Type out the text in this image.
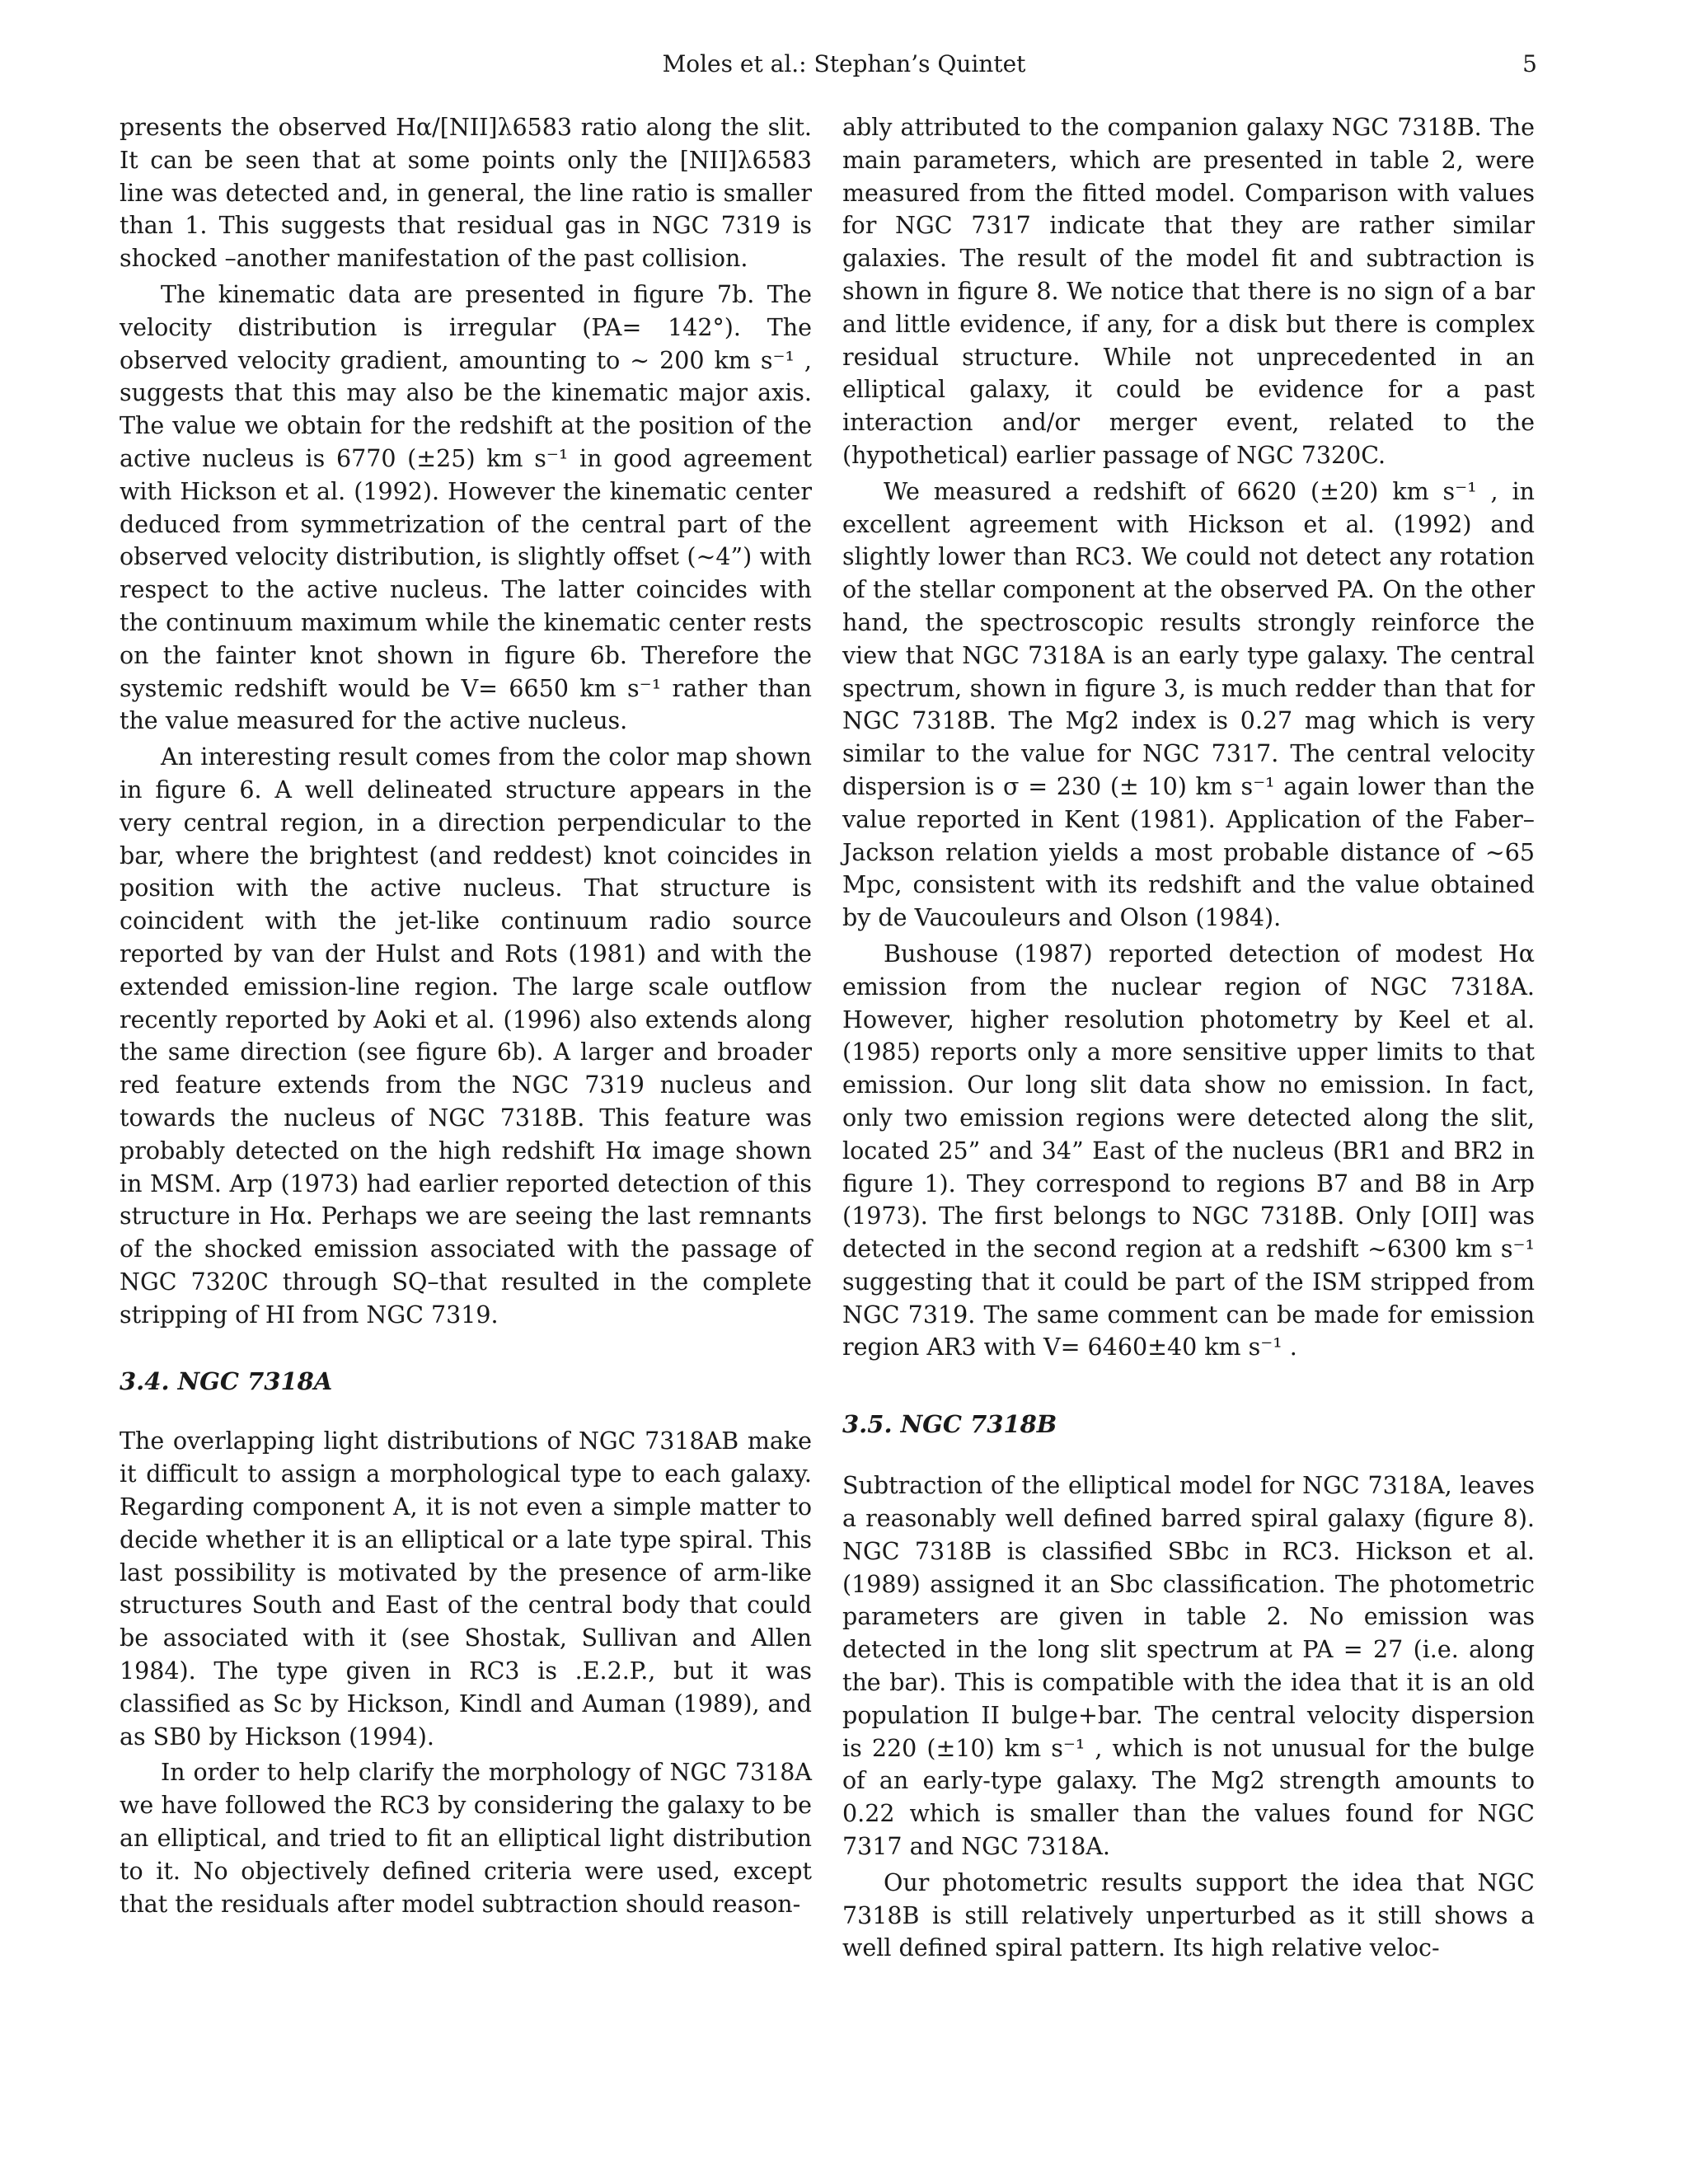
Moles et al.: Stephan’s Quintet	5

presents the observed Hα/[NII]λ6583 ratio along the slit. It can be seen that at some points only the [NII]λ6583 line was detected and, in general, the line ratio is smaller than 1. This suggests that residual gas in NGC 7319 is shocked –another manifestation of the past collision.

The kinematic data are presented in figure 7b. The velocity distribution is irregular (PA= 142°). The observed velocity gradient, amounting to ∼ 200 km s⁻¹ , suggests that this may also be the kinematic major axis. The value we obtain for the redshift at the position of the active nucleus is 6770 (±25) km s⁻¹ in good agreement with Hickson et al. (1992). However the kinematic center deduced from symmetrization of the central part of the observed velocity distribution, is slightly offset (∼4”) with respect to the active nucleus. The latter coincides with the continuum maximum while the kinematic center rests on the fainter knot shown in figure 6b. Therefore the systemic redshift would be V= 6650 km s⁻¹ rather than the value measured for the active nucleus.

An interesting result comes from the color map shown in figure 6. A well delineated structure appears in the very central region, in a direction perpendicular to the bar, where the brightest (and reddest) knot coincides in position with the active nucleus. That structure is coincident with the jet-like continuum radio source reported by van der Hulst and Rots (1981) and with the extended emission-line region. The large scale outflow recently reported by Aoki et al. (1996) also extends along the same direction (see figure 6b). A larger and broader red feature extends from the NGC 7319 nucleus and towards the nucleus of NGC 7318B. This feature was probably detected on the high redshift Hα image shown in MSM. Arp (1973) had earlier reported detection of this structure in Hα. Perhaps we are seeing the last remnants of the shocked emission associated with the passage of NGC 7320C through SQ–that resulted in the complete stripping of HI from NGC 7319.

3.4. NGC 7318A

The overlapping light distributions of NGC 7318AB make it difficult to assign a morphological type to each galaxy. Regarding component A, it is not even a simple matter to decide whether it is an elliptical or a late type spiral. This last possibility is motivated by the presence of arm-like structures South and East of the central body that could be associated with it (see Shostak, Sullivan and Allen 1984). The type given in RC3 is .E.2.P., but it was classified as Sc by Hickson, Kindl and Auman (1989), and as SB0 by Hickson (1994).

In order to help clarify the morphology of NGC 7318A we have followed the RC3 by considering the galaxy to be an elliptical, and tried to fit an elliptical light distribution to it. No objectively defined criteria were used, except that the residuals after model subtraction should reason-

ably attributed to the companion galaxy NGC 7318B. The main parameters, which are presented in table 2, were measured from the fitted model. Comparison with values for NGC 7317 indicate that they are rather similar galaxies. The result of the model fit and subtraction is shown in figure 8. We notice that there is no sign of a bar and little evidence, if any, for a disk but there is complex residual structure. While not unprecedented in an elliptical galaxy, it could be evidence for a past interaction and/or merger event, related to the (hypothetical) earlier passage of NGC 7320C.

We measured a redshift of 6620 (±20) km s⁻¹ , in excellent agreement with Hickson et al. (1992) and slightly lower than RC3. We could not detect any rotation of the stellar component at the observed PA. On the other hand, the spectroscopic results strongly reinforce the view that NGC 7318A is an early type galaxy. The central spectrum, shown in figure 3, is much redder than that for NGC 7318B. The Mg2 index is 0.27 mag which is very similar to the value for NGC 7317. The central velocity dispersion is σ = 230 (± 10) km s⁻¹ again lower than the value reported in Kent (1981). Application of the Faber–Jackson relation yields a most probable distance of ∼65 Mpc, consistent with its redshift and the value obtained by de Vaucouleurs and Olson (1984).

Bushouse (1987) reported detection of modest Hα emission from the nuclear region of NGC 7318A. However, higher resolution photometry by Keel et al. (1985) reports only a more sensitive upper limits to that emission. Our long slit data show no emission. In fact, only two emission regions were detected along the slit, located 25” and 34” East of the nucleus (BR1 and BR2 in figure 1). They correspond to regions B7 and B8 in Arp (1973). The first belongs to NGC 7318B. Only [OII] was detected in the second region at a redshift ∼6300 km s⁻¹ suggesting that it could be part of the ISM stripped from NGC 7319. The same comment can be made for emission region AR3 with V= 6460±40 km s⁻¹ .

3.5. NGC 7318B

Subtraction of the elliptical model for NGC 7318A, leaves a reasonably well defined barred spiral galaxy (figure 8). NGC 7318B is classified SBbc in RC3. Hickson et al. (1989) assigned it an Sbc classification. The photometric parameters are given in table 2. No emission was detected in the long slit spectrum at PA = 27 (i.e. along the bar). This is compatible with the idea that it is an old population II bulge+bar. The central velocity dispersion is 220 (±10) km s⁻¹ , which is not unusual for the bulge of an early-type galaxy. The Mg2 strength amounts to 0.22 which is smaller than the values found for NGC 7317 and NGC 7318A.

Our photometric results support the idea that NGC 7318B is still relatively unperturbed as it still shows a well defined spiral pattern. Its high relative veloc-
